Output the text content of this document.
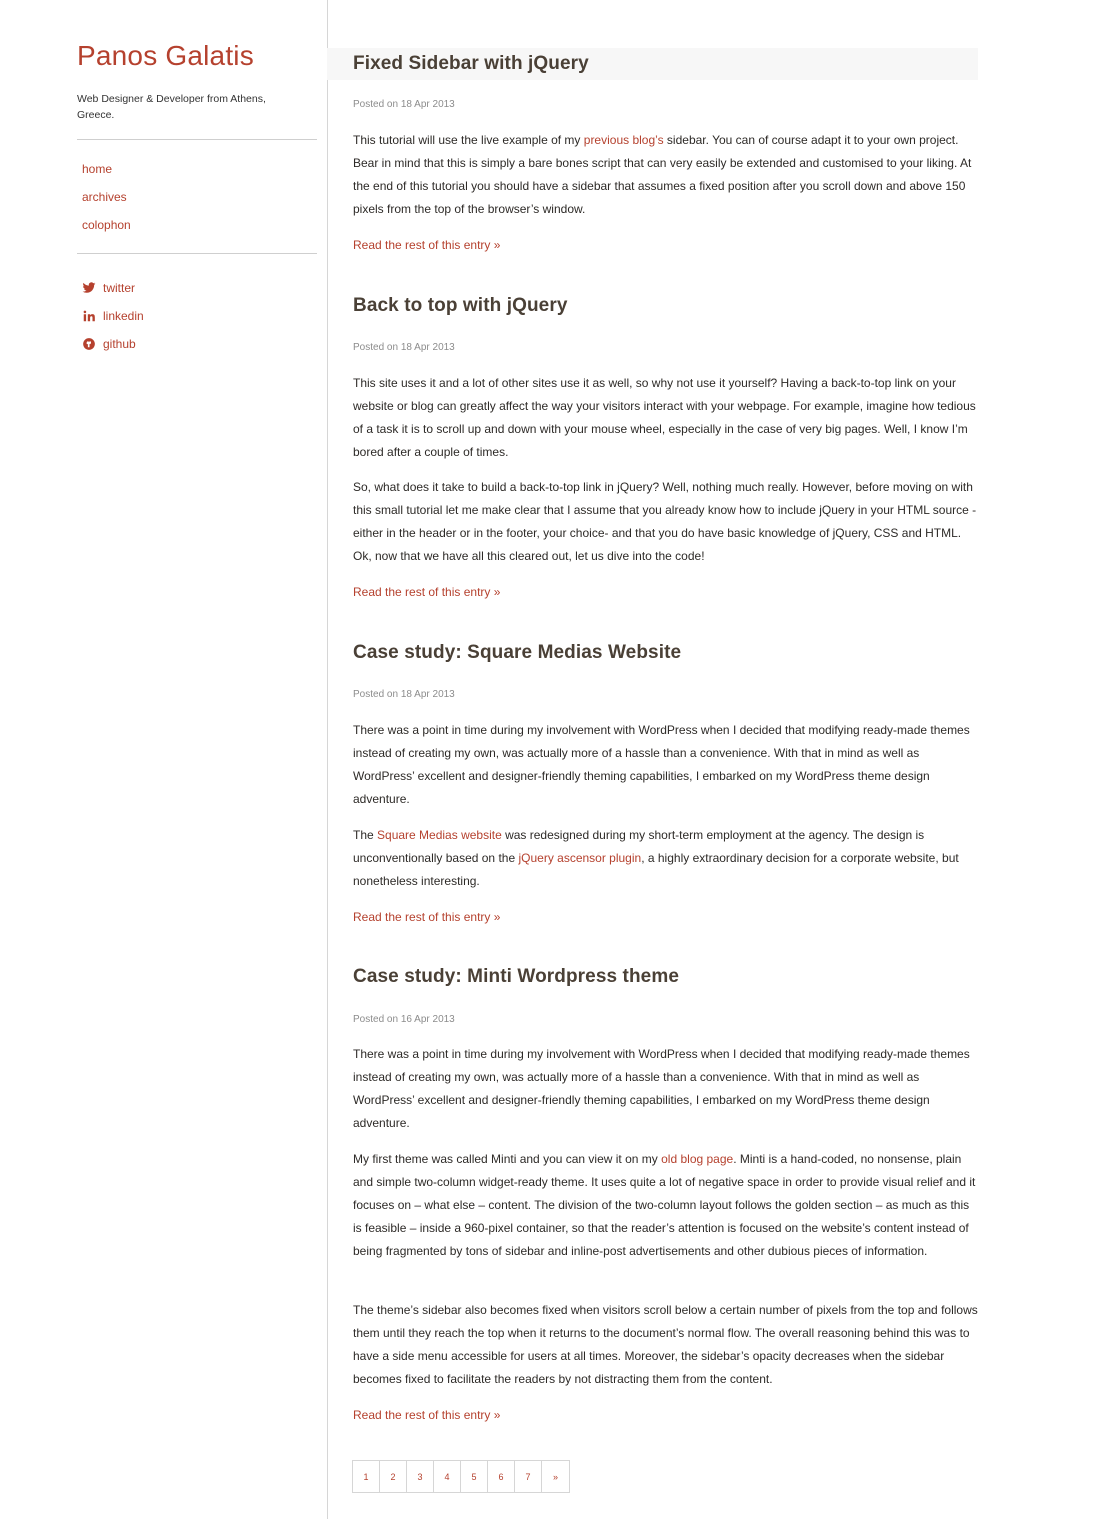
Panos Galatis

Web Designer & Developer from Athens, Greece.

home
archives
colophon
twitter
linkedin
github
Fixed Sidebar with jQuery

Posted on 18 Apr 2013

This tutorial will use the live example of my previous blog’s sidebar. You can of course adapt it to your own project. Bear in mind that this is simply a bare bones script that can very easily be extended and customised to your liking. At the end of this tutorial you should have a sidebar that assumes a fixed position after you scroll down and above 150 pixels from the top of the browser’s window.

Read the rest of this entry »
Back to top with jQuery

Posted on 18 Apr 2013

This site uses it and a lot of other sites use it as well, so why not use it yourself? Having a back-to-top link on your website or blog can greatly affect the way your visitors interact with your webpage. For example, imagine how tedious of a task it is to scroll up and down with your mouse wheel, especially in the case of very big pages. Well, I know I’m bored after a couple of times.

So, what does it take to build a back-to-top link in jQuery? Well, nothing much really. However, before moving on with this small tutorial let me make clear that I assume that you already know how to include jQuery in your HTML source -either in the header or in the footer, your choice- and that you do have basic knowledge of jQuery, CSS and HTML. Ok, now that we have all this cleared out, let us dive into the code!

Read the rest of this entry »
Case study: Square Medias Website

Posted on 18 Apr 2013

There was a point in time during my involvement with WordPress when I decided that modifying ready-made themes instead of creating my own, was actually more of a hassle than a convenience. With that in mind as well as WordPress’ excellent and designer-friendly theming capabilities, I embarked on my WordPress theme design adventure.

The Square Medias website was redesigned during my short-term employment at the agency. The design is unconventionally based on the jQuery ascensor plugin, a highly extraordinary decision for a corporate website, but nonetheless interesting.

Read the rest of this entry »
Case study: Minti Wordpress theme

Posted on 16 Apr 2013

There was a point in time during my involvement with WordPress when I decided that modifying ready-made themes instead of creating my own, was actually more of a hassle than a convenience. With that in mind as well as WordPress’ excellent and designer-friendly theming capabilities, I embarked on my WordPress theme design adventure.

My first theme was called Minti and you can view it on my old blog page. Minti is a hand-coded, no nonsense, plain and simple two-column widget-ready theme. It uses quite a lot of negative space in order to provide visual relief and it focuses on – what else – content. The division of the two-column layout follows the golden section – as much as this is feasible – inside a 960-pixel container, so that the reader’s attention is focused on the website’s content instead of being fragmented by tons of sidebar and inline-post advertisements and other dubious pieces of information.

The theme’s sidebar also becomes fixed when visitors scroll below a certain number of pixels from the top and follows them until they reach the top when it returns to the document’s normal flow. The overall reasoning behind this was to have a side menu accessible for users at all times. Moreover, the sidebar’s opacity decreases when the sidebar becomes fixed to facilitate the readers by not distracting them from the content.

Read the rest of this entry »
1	2	3	4	5	6	7	»
